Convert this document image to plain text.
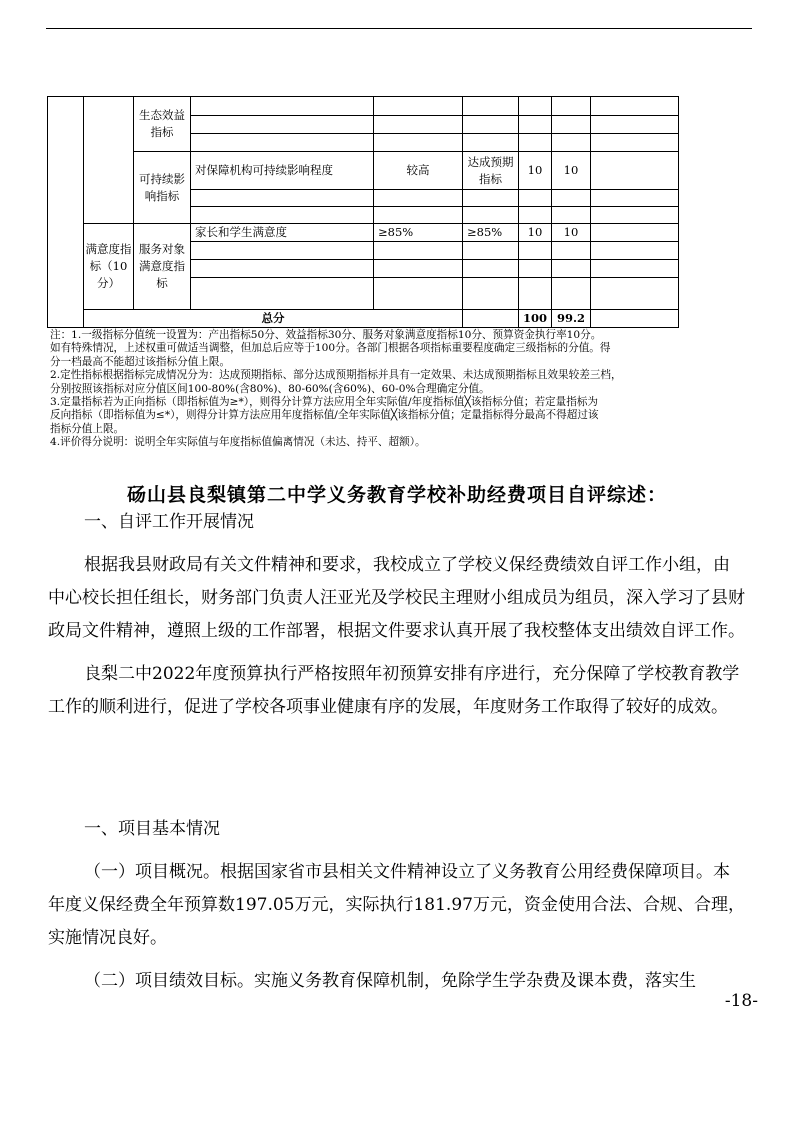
		生态效益指标						

		可持续影响指标	对保障机构可持续影响程度	较高	达成预期指标	10	10	

	满意度指标（10分）	服务对象满意度指标	家长和学生满意度	≥85%	≥85%	10	10	

	总分					100	99.2	

注：1.一级指标分值统一设置为：产出指标50分、效益指标30分、服务对象满意度指标10分、预算资金执行率10分。

如有特殊情况，上述权重可做适当调整，但加总后应等于100分。各部门根据各项指标重要程度确定三级指标的分值。得

分一档最高不能超过该指标分值上限。

2.定性指标根据指标完成情况分为：达成预期指标、部分达成预期指标并具有一定效果、未达成预期指标且效果较差三档，

分别按照该指标对应分值区间100-80%(含80%)、80-60%(含60%)、60-0%合理确定分值。

3.定量指标若为正向指标（即指标值为≥*），则得分计算方法应用全年实际值/年度指标值╳该指标分值；若定量指标为

反向指标（即指标值为≤*），则得分计算方法应用年度指标值/全年实际值╳该指标分值；定量指标得分最高不得超过该

指标分值上限。

4.评价得分说明：说明全年实际值与年度指标值偏离情况（未达、持平、超额）。

砀山县良梨镇第二中学义务教育学校补助经费项目自评综述：

一、自评工作开展情况

根据我县财政局有关文件精神和要求，我校成立了学校义保经费绩效自评工作小组，由中心校长担任组长，财务部门负责人汪亚光及学校民主理财小组成员为组员，深入学习了县财政局文件精神，遵照上级的工作部署，根据文件要求认真开展了我校整体支出绩效自评工作。

良梨二中2022年度预算执行严格按照年初预算安排有序进行，充分保障了学校教育教学工作的顺利进行，促进了学校各项事业健康有序的发展，年度财务工作取得了较好的成效。

一、项目基本情况

（一）项目概况。根据国家省市县相关文件精神设立了义务教育公用经费保障项目。本年度义保经费全年预算数197.05万元，实际执行181.97万元，资金使用合法、合规、合理，实施情况良好。

（二）项目绩效目标。实施义务教育保障机制，免除学生学杂费及课本费，落实生

-18-
